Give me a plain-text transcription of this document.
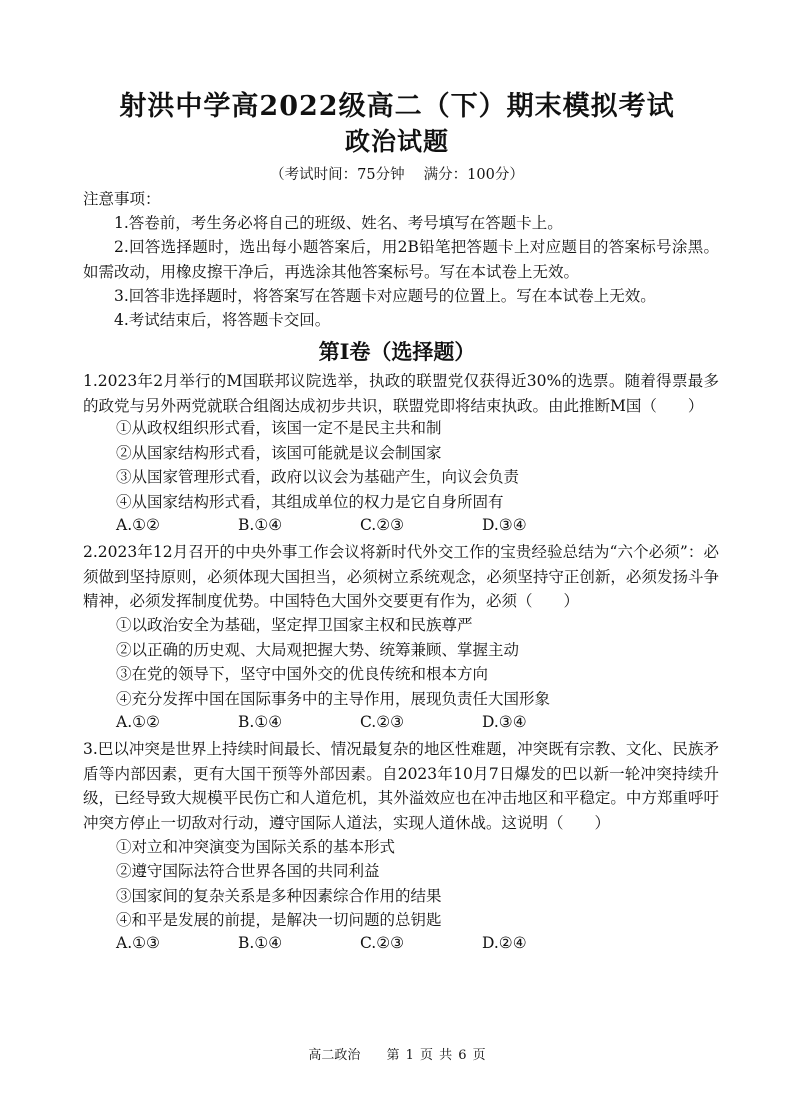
射洪中学高2022级高二（下）期末模拟考试
政治试题
（考试时间：75分钟　 满分：100分）
注意事项：
1.答卷前，考生务必将自己的班级、姓名、考号填写在答题卡上。
2.回答选择题时，选出每小题答案后，用2B铅笔把答题卡上对应题目的答案标号涂黑。如需改动，用橡皮擦干净后，再选涂其他答案标号。写在本试卷上无效。
3.回答非选择题时，将答案写在答题卡对应题号的位置上。写在本试卷上无效。
4.考试结束后，将答题卡交回。
第I卷（选择题）
1.2023年2月举行的M国联邦议院选举，执政的联盟党仅获得近30%的选票。随着得票最多的政党与另外两党就联合组阁达成初步共识，联盟党即将结束执政。由此推断M国（　　）
①从政权组织形式看，该国一定不是民主共和制
②从国家结构形式看，该国可能就是议会制国家
③从国家管理形式看，政府以议会为基础产生，向议会负责
④从国家结构形式看，其组成单位的权力是它自身所固有
A.①②	B.①④	C.②③	D.③④
2.2023年12月召开的中央外事工作会议将新时代外交工作的宝贵经验总结为“六个必须”：必须做到坚持原则，必须体现大国担当，必须树立系统观念，必须坚持守正创新，必须发扬斗争精神，必须发挥制度优势。中国特色大国外交要更有作为，必须（　　）
①以政治安全为基础，坚定捍卫国家主权和民族尊严
②以正确的历史观、大局观把握大势、统筹兼顾、掌握主动
③在党的领导下，坚守中国外交的优良传统和根本方向
④充分发挥中国在国际事务中的主导作用，展现负责任大国形象
A.①②	B.①④	C.②③	D.③④
3.巴以冲突是世界上持续时间最长、情况最复杂的地区性难题，冲突既有宗教、文化、民族矛盾等内部因素，更有大国干预等外部因素。自2023年10月7日爆发的巴以新一轮冲突持续升级，已经导致大规模平民伤亡和人道危机，其外溢效应也在冲击地区和平稳定。中方郑重呼吁冲突方停止一切敌对行动，遵守国际人道法，实现人道休战。这说明（　　）
①对立和冲突演变为国际关系的基本形式
②遵守国际法符合世界各国的共同利益
③国家间的复杂关系是多种因素综合作用的结果
④和平是发展的前提，是解决一切问题的总钥匙
A.①③	B.①④	C.②③	D.②④
高二政治 第 1 页 共 6 页
